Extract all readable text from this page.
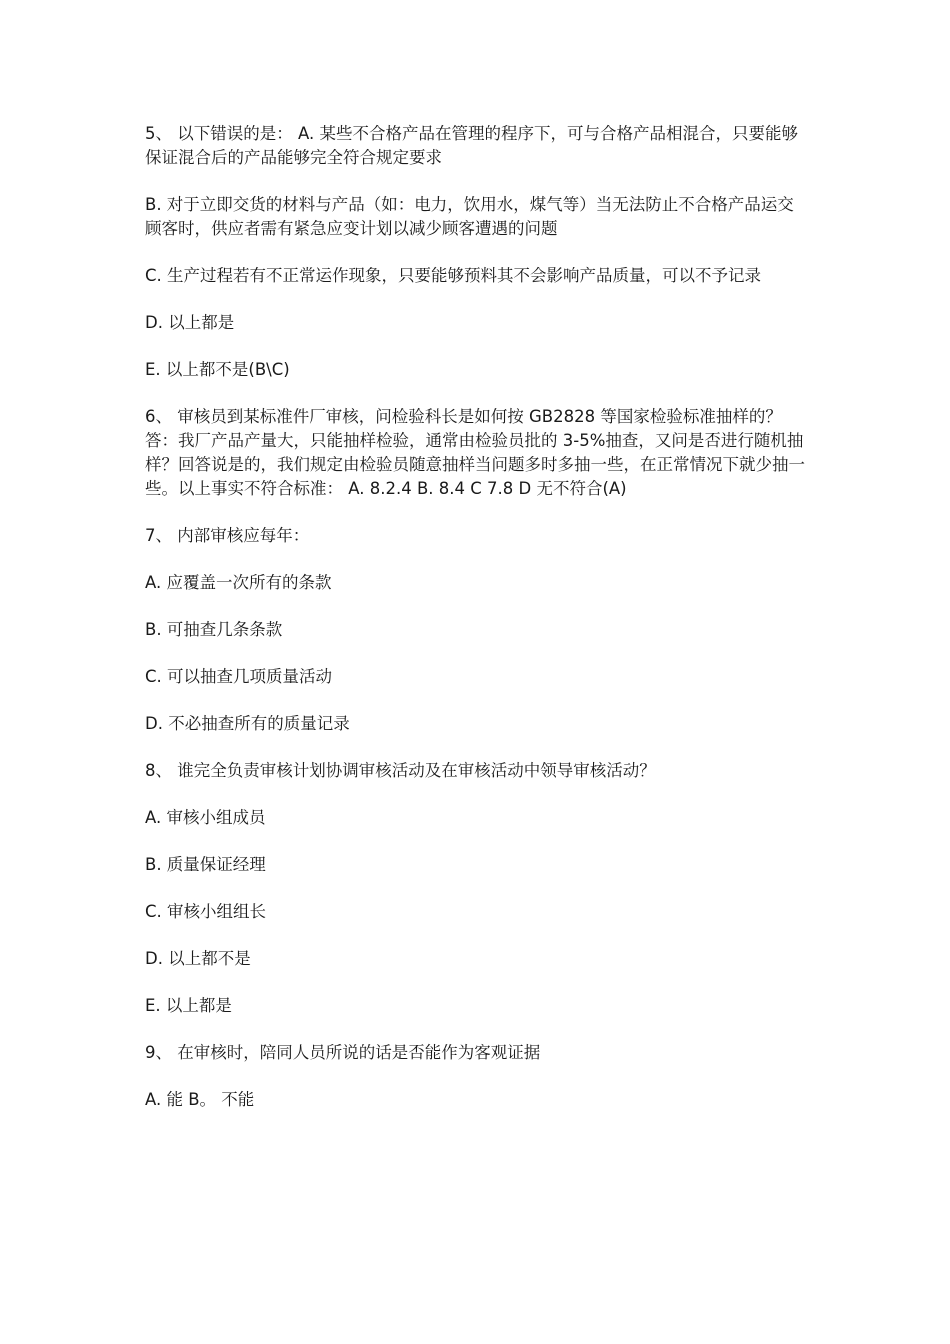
5、 以下错误的是： A. 某些不合格产品在管理的程序下，可与合格产品相混合，只要能够保证混合后的产品能够完全符合规定要求

B. 对于立即交货的材料与产品（如：电力，饮用水，煤气等）当无法防止不合格产品运交顾客时，供应者需有紧急应变计划以减少顾客遭遇的问题

C. 生产过程若有不正常运作现象，只要能够预料其不会影响产品质量，可以不予记录

D. 以上都是

E. 以上都不是(B\C)

6、 审核员到某标准件厂审核，问检验科长是如何按 GB2828 等国家检验标准抽样的？答：我厂产品产量大，只能抽样检验，通常由检验员批的 3-5%抽查，又问是否进行随机抽样？回答说是的，我们规定由检验员随意抽样当问题多时多抽一些，在正常情况下就少抽一些。以上事实不符合标准： A. 8.2.4 B. 8.4 C 7.8 D 无不符合(A)

7、 内部审核应每年：

A. 应覆盖一次所有的条款

B. 可抽查几条条款

C. 可以抽查几项质量活动

D. 不必抽查所有的质量记录

8、 谁完全负责审核计划协调审核活动及在审核活动中领导审核活动？

A. 审核小组成员

B. 质量保证经理

C. 审核小组组长

D. 以上都不是

E. 以上都是

9、 在审核时，陪同人员所说的话是否能作为客观证据

A. 能 B。 不能
